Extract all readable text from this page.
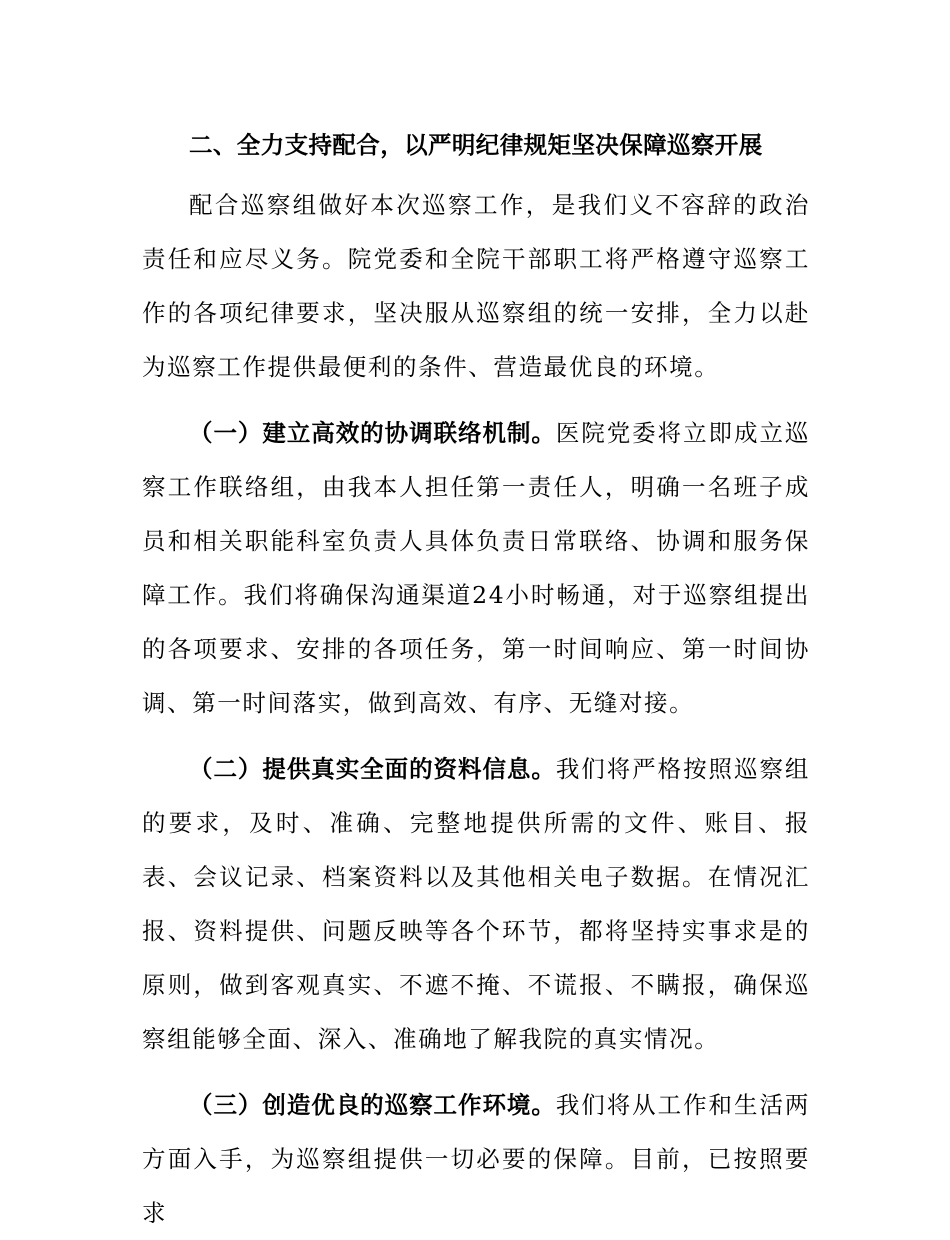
二、全力支持配合，以严明纪律规矩坚决保障巡察开展

配合巡察组做好本次巡察工作，是我们义不容辞的政治责任和应尽义务。院党委和全院干部职工将严格遵守巡察工作的各项纪律要求，坚决服从巡察组的统一安排，全力以赴为巡察工作提供最便利的条件、营造最优良的环境。

（一）建立高效的协调联络机制。医院党委将立即成立巡察工作联络组，由我本人担任第一责任人，明确一名班子成员和相关职能科室负责人具体负责日常联络、协调和服务保障工作。我们将确保沟通渠道24小时畅通，对于巡察组提出的各项要求、安排的各项任务，第一时间响应、第一时间协调、第一时间落实，做到高效、有序、无缝对接。

（二）提供真实全面的资料信息。我们将严格按照巡察组的要求，及时、准确、完整地提供所需的文件、账目、报表、会议记录、档案资料以及其他相关电子数据。在情况汇报、资料提供、问题反映等各个环节，都将坚持实事求是的原则，做到客观真实、不遮不掩、不谎报、不瞒报，确保巡察组能够全面、深入、准确地了解我院的真实情况。

（三）创造优良的巡察工作环境。我们将从工作和生活两方面入手，为巡察组提供一切必要的保障。目前，已按照要求
